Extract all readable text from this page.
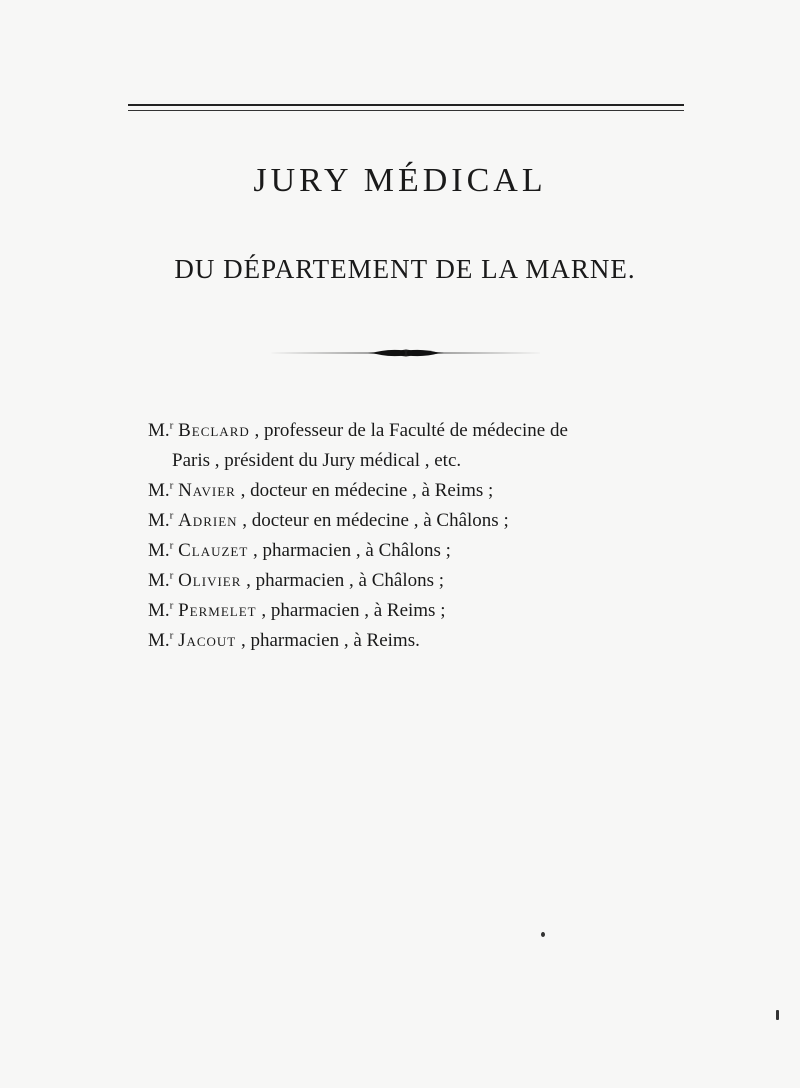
JURY MÉDICAL
DU DÉPARTEMENT DE LA MARNE.

M.$^r$ Beclard , professeur de la Faculté de médecine de
Paris , président du Jury médical , etc.

M.$^r$ Navier , docteur en médecine , à Reims ;

M.$^r$ Adrien , docteur en médecine , à Châlons ;

M.$^r$ Clauzet , pharmacien , à Châlons ;

M.$^r$ Olivier , pharmacien , à Châlons ;

M.$^r$ Permelet , pharmacien , à Reims ;

M.$^r$ Jacout , pharmacien , à Reims.
